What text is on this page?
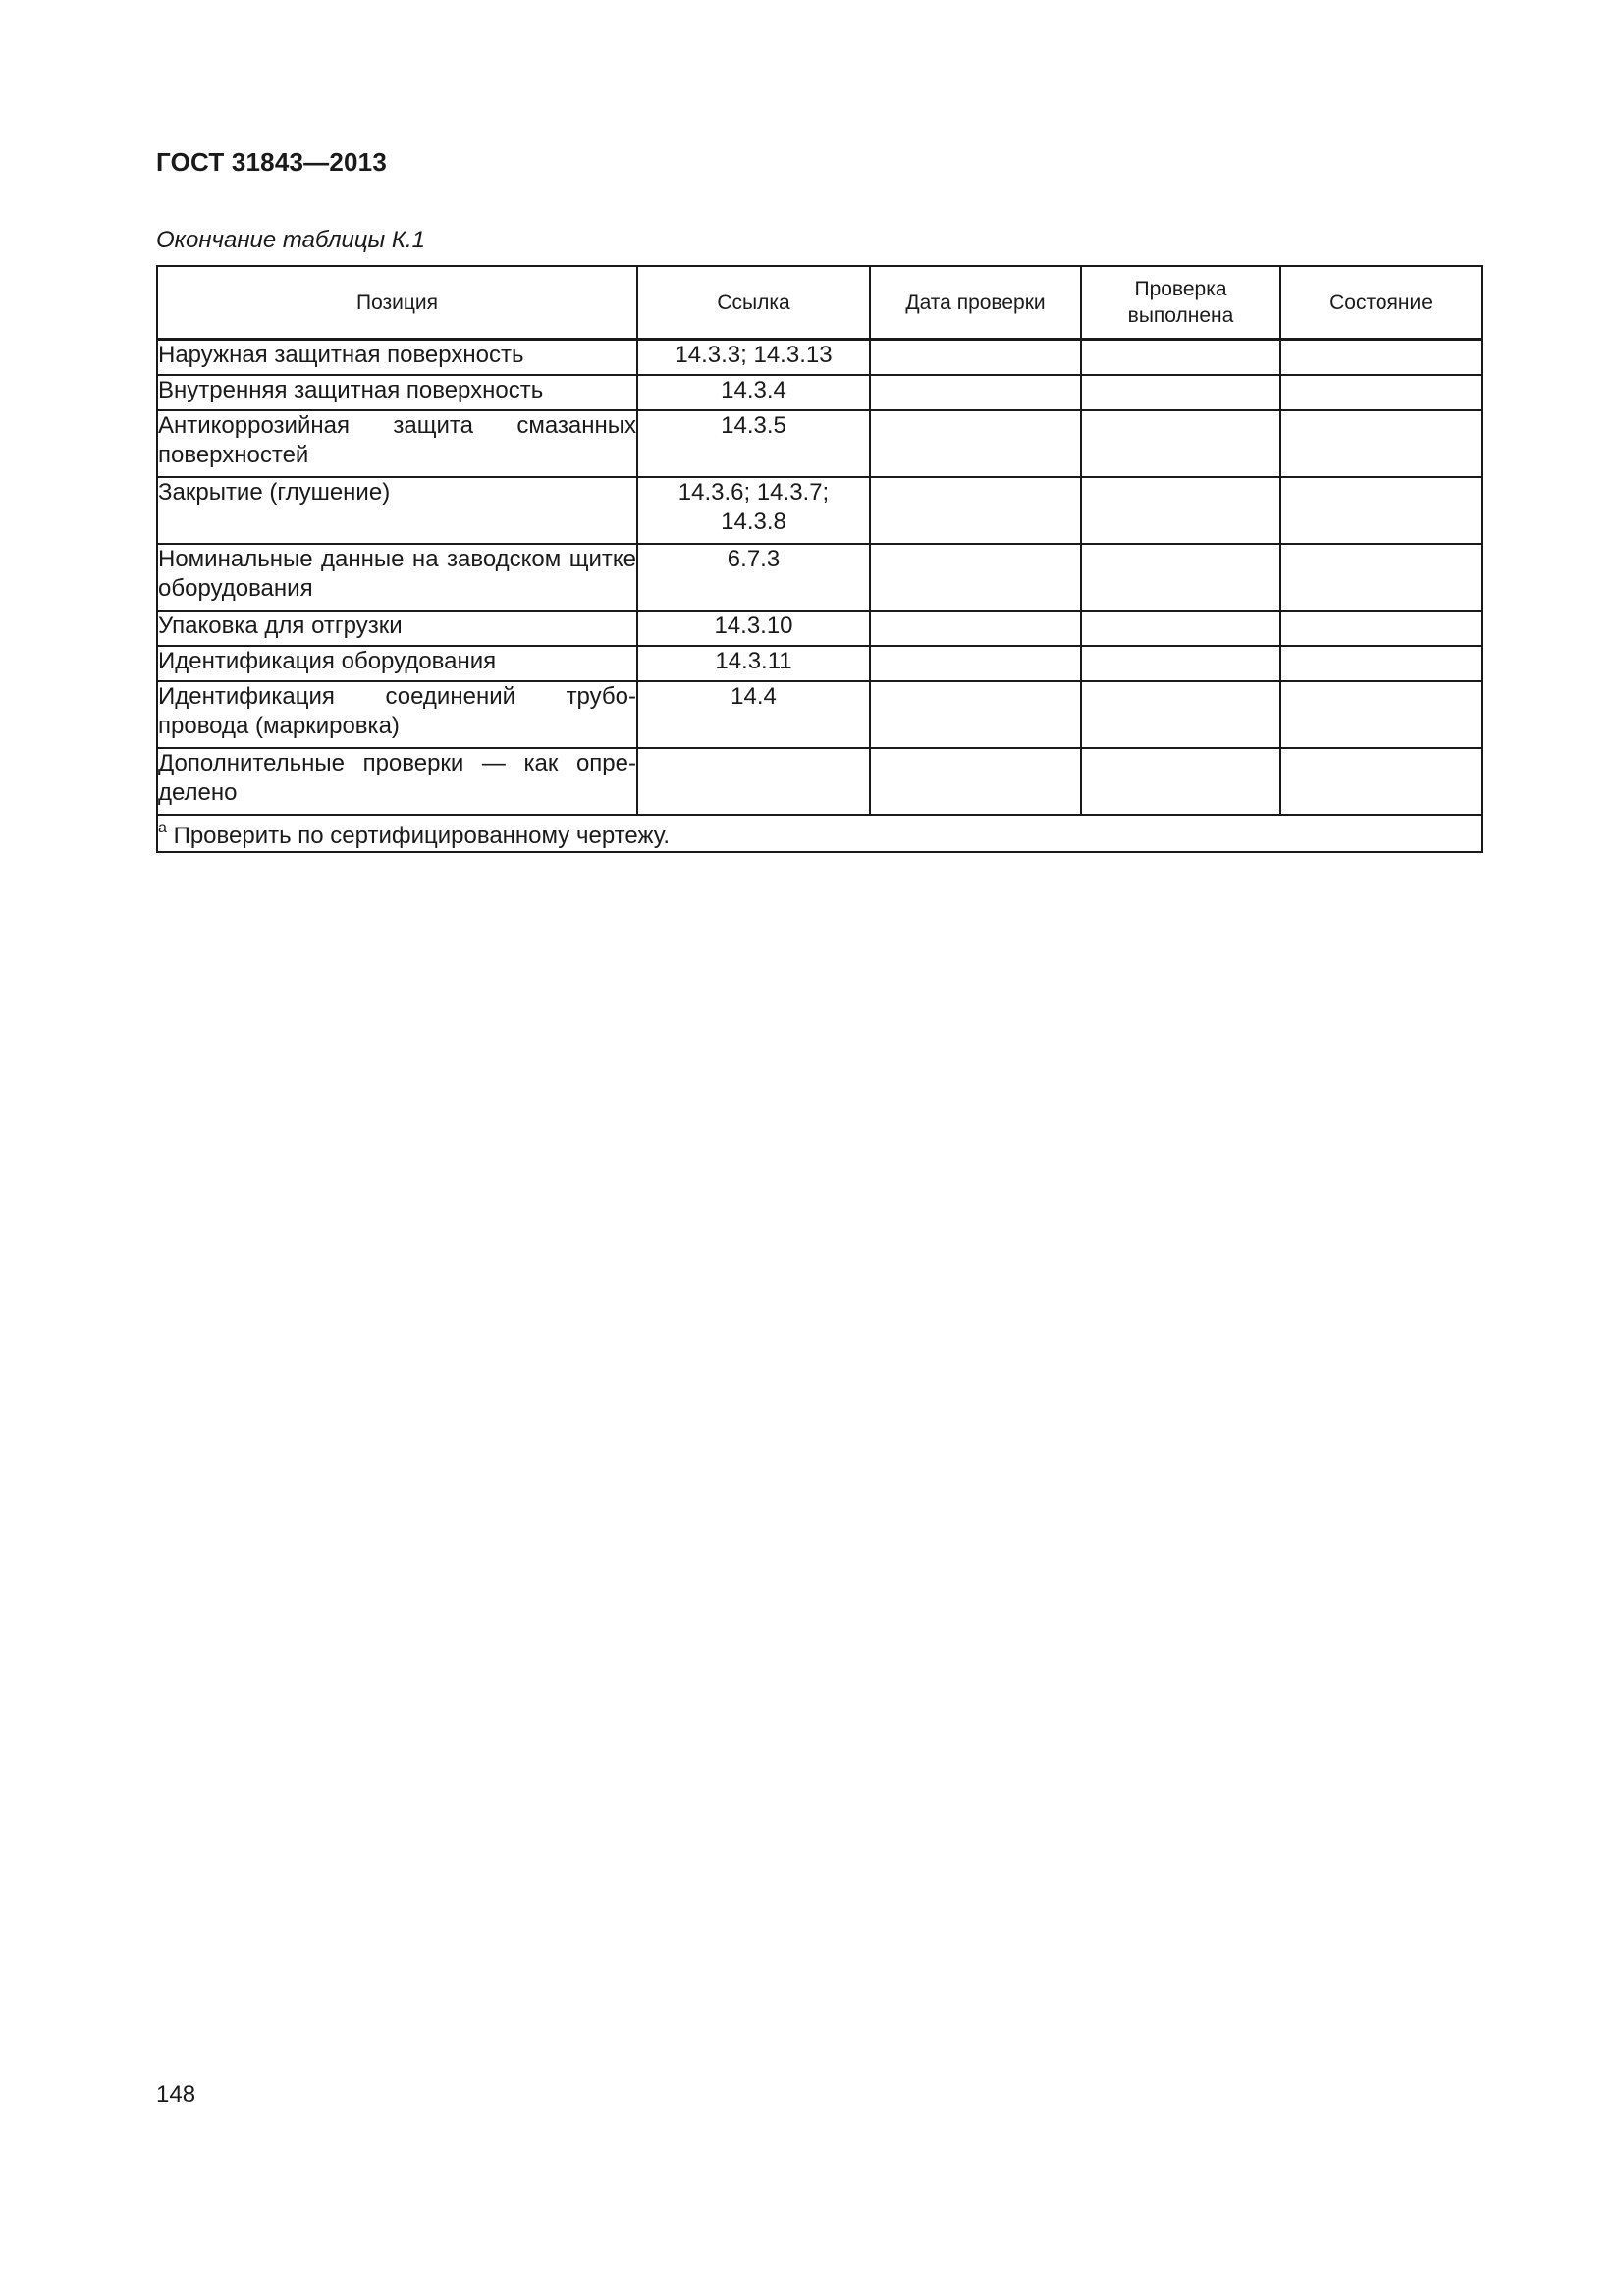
ГОСТ 31843—2013
Окончание таблицы К.1
Позиция	Ссылка	Дата проверки	Проверка выполнена	Состояние
Наружная защитная поверхность	14.3.3; 14.3.13			
Внутренняя защитная поверхность	14.3.4			
Антикоррозийная защита смазанных поверхностей	14.3.5			
Закрытие (глушение)	14.3.6; 14.3.7; 14.3.8			
Номинальные данные на заводском щитке оборудования	6.7.3			
Упаковка для отгрузки	14.3.10			
Идентификация оборудования	14.3.11			
Идентификация соединений трубо-провода (маркировка)	14.4			
Дополнительные проверки — как опре-делено				
$^a$ Проверить по сертифицированному чертежу.				
148
